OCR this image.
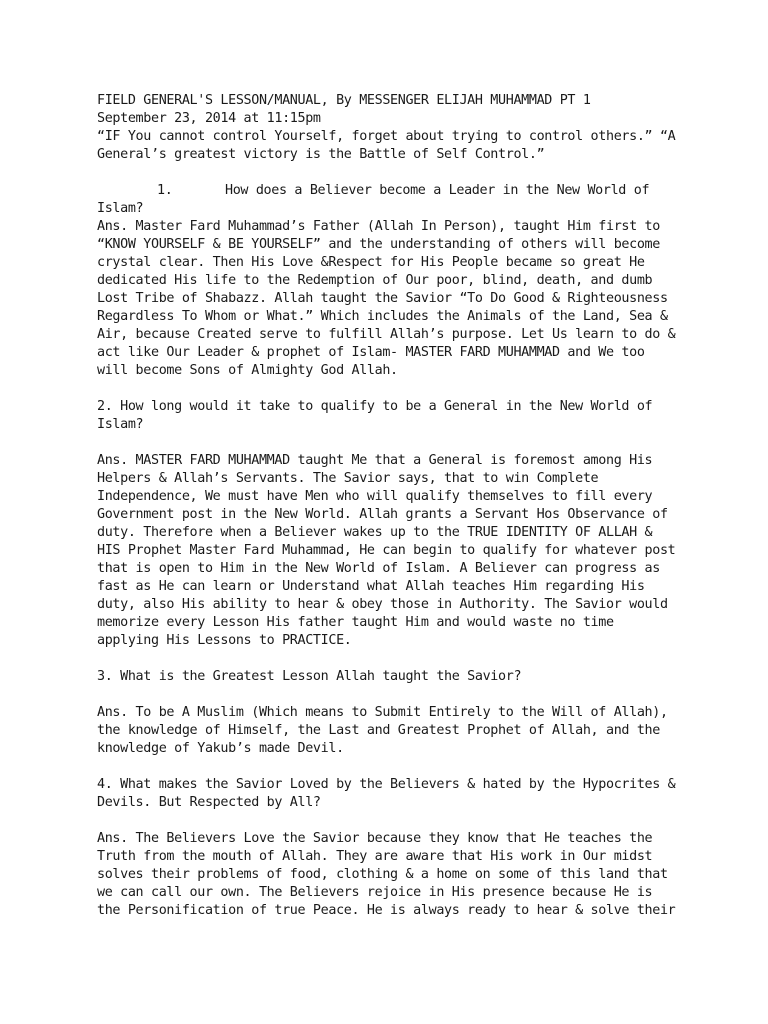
FIELD GENERAL'S LESSON/MANUAL, By MESSENGER ELIJAH MUHAMMAD PT 1
September 23, 2014 at 11:15pm
“IF You cannot control Yourself, forget about trying to control others.” “A
General’s greatest victory is the Battle of Self Control.”
1.	How does a Believer become a Leader in the New World of
Islam?
Ans. Master Fard Muhammad’s Father (Allah In Person), taught Him first to
“KNOW YOURSELF & BE YOURSELF” and the understanding of others will become
crystal clear. Then His Love &Respect for His People became so great He
dedicated His life to the Redemption of Our poor, blind, death, and dumb
Lost Tribe of Shabazz. Allah taught the Savior “To Do Good & Righteousness
Regardless To Whom or What.” Which includes the Animals of the Land, Sea &
Air, because Created serve to fulfill Allah’s purpose. Let Us learn to do &
act like Our Leader & prophet of Islam- MASTER FARD MUHAMMAD and We too
will become Sons of Almighty God Allah.
2. How long would it take to qualify to be a General in the New World of
Islam?
Ans. MASTER FARD MUHAMMAD taught Me that a General is foremost among His
Helpers & Allah’s Servants. The Savior says, that to win Complete
Independence, We must have Men who will qualify themselves to fill every
Government post in the New World. Allah grants a Servant Hos Observance of
duty. Therefore when a Believer wakes up to the TRUE IDENTITY OF ALLAH &
HIS Prophet Master Fard Muhammad, He can begin to qualify for whatever post
that is open to Him in the New World of Islam. A Believer can progress as
fast as He can learn or Understand what Allah teaches Him regarding His
duty, also His ability to hear & obey those in Authority. The Savior would
memorize every Lesson His father taught Him and would waste no time
applying His Lessons to PRACTICE.
3. What is the Greatest Lesson Allah taught the Savior?
Ans. To be A Muslim (Which means to Submit Entirely to the Will of Allah),
the knowledge of Himself, the Last and Greatest Prophet of Allah, and the
knowledge of Yakub’s made Devil.
4. What makes the Savior Loved by the Believers & hated by the Hypocrites &
Devils. But Respected by All?
Ans. The Believers Love the Savior because they know that He teaches the
Truth from the mouth of Allah. They are aware that His work in Our midst
solves their problems of food, clothing & a home on some of this land that
we can call our own. The Believers rejoice in His presence because He is
the Personification of true Peace. He is always ready to hear & solve their
